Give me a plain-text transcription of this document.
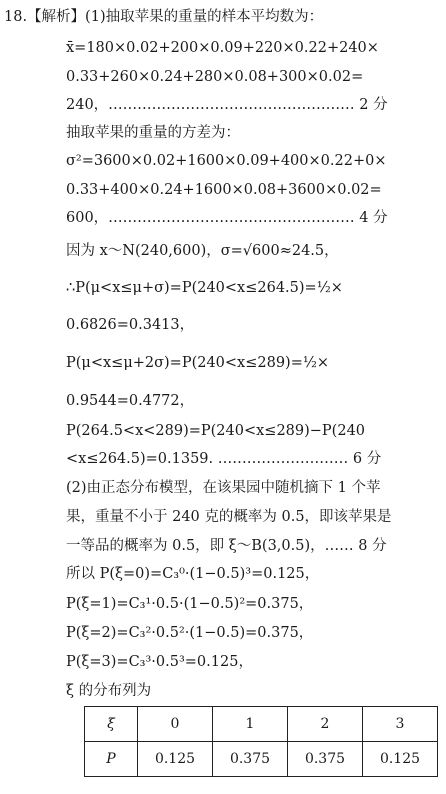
18.【解析】(1)抽取苹果的重量的样本平均数为：
x̄=180×0.02+200×0.09+220×0.22+240×
0.33+260×0.24+280×0.08+300×0.02=
240，…………………………………………… 2 分
抽取苹果的重量的方差为：
σ²=3600×0.02+1600×0.09+400×0.22+0×
0.33+400×0.24+1600×0.08+3600×0.02=
600，…………………………………………… 4 分
因为 x～N(240,600)，σ=√600≈24.5，
∴P(μ<x≤μ+σ)=P(240<x≤264.5)=½×
0.6826=0.3413，
P(μ<x≤μ+2σ)=P(240<x≤289)=½×
0.9544=0.4772，
P(264.5<x<289)=P(240<x≤289)−P(240
<x≤264.5)=0.1359. ……………………… 6 分
(2)由正态分布模型，在该果园中随机摘下 1 个苹
果，重量不小于 240 克的概率为 0.5，即该苹果是
一等品的概率为 0.5，即 ξ～B(3,0.5)，…… 8 分
所以 P(ξ=0)=C₃⁰·(1−0.5)³=0.125，
P(ξ=1)=C₃¹·0.5·(1−0.5)²=0.375，
P(ξ=2)=C₃²·0.5²·(1−0.5)=0.375，
P(ξ=3)=C₃³·0.5³=0.125，
ξ 的分布列为
ξ	0	1	2	3
P	0.125	0.375	0.375	0.125
